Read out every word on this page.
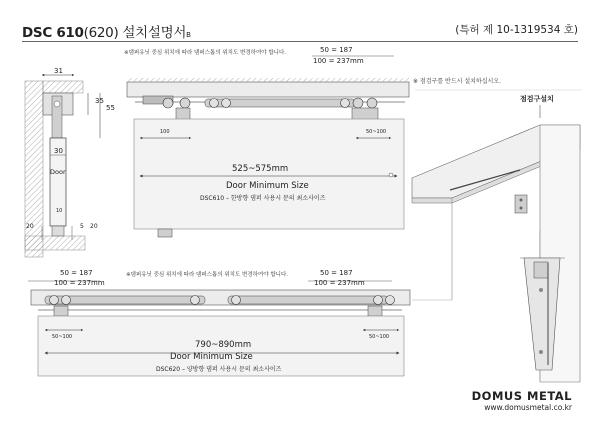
DSC 610(620) 설치설명서B	(특허 제 10-1319534 호)
31
35
55
30
Door
10
20	5 20
※댐퍼유닛 중심 위치에 따라 댐퍼스톱의 위치도 변경하여야 합니다.	50 = 187
100 = 237mm
100	50~100
525~575mm
Door Minimum Size
DSC610 – 한방향 댐퍼 사용시 문의 최소사이즈
50 = 187
100 = 237mm
※댐퍼유닛 중심 위치에 따라 댐퍼스톱의 위치도 변경하여야 합니다.	50 = 187
100 = 237mm
50~100	50~100
790~890mm
Door Minimum Size
DSC620 – 양방향 댐퍼 사용시 문의 최소사이즈
※ 점검구를 반드시 설치하십시오.
점검구설치
DOMUS METAL
www.domusmetal.co.kr
